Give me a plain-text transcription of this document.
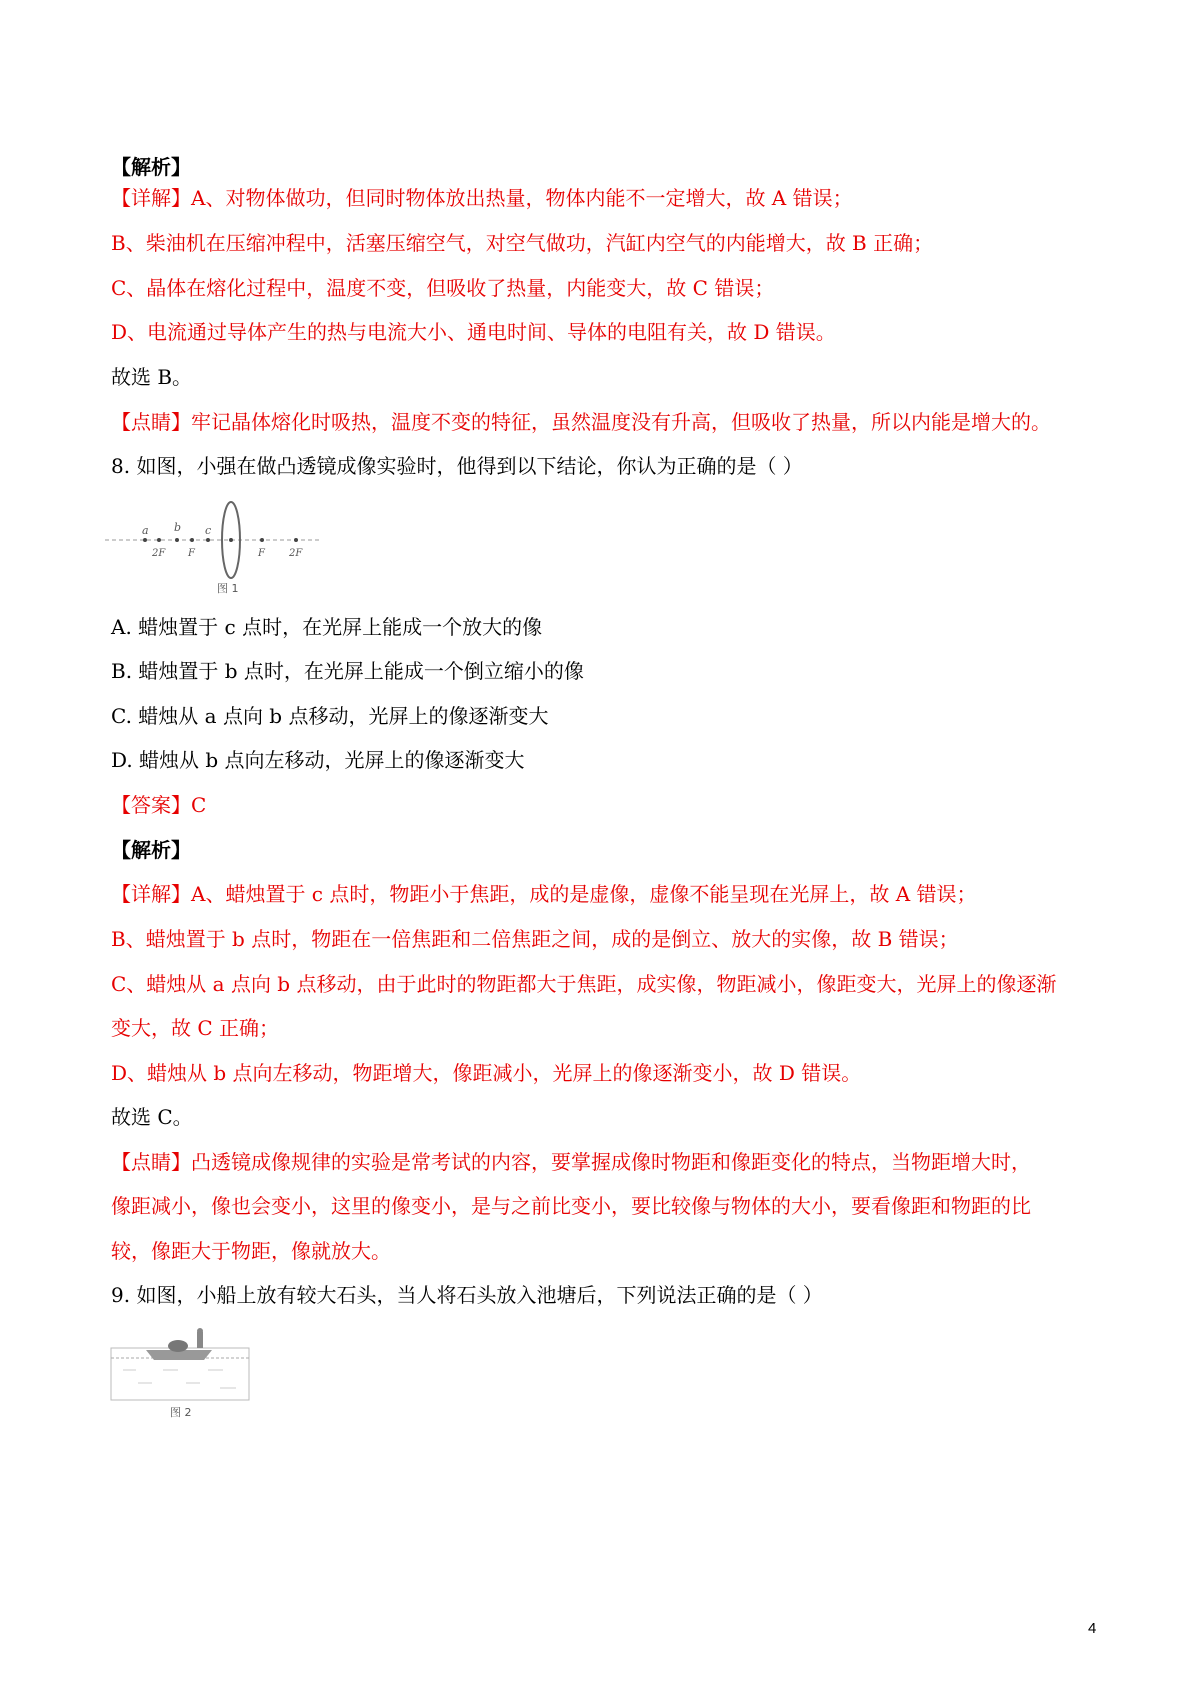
【解析】
【详解】A、对物体做功，但同时物体放出热量，物体内能不一定增大，故 A 错误；
B、柴油机在压缩冲程中，活塞压缩空气，对空气做功，汽缸内空气的内能增大，故 B 正确；
C、晶体在熔化过程中，温度不变，但吸收了热量，内能变大，故 C 错误；
D、电流通过导体产生的热与电流大小、通电时间、导体的电阻有关，故 D 错误。
故选 B。
【点睛】牢记晶体熔化时吸热，温度不变的特征，虽然温度没有升高，但吸收了热量，所以内能是增大的。
8. 如图，小强在做凸透镜成像实验时，他得到以下结论，你认为正确的是（ ）
a b c
2F F	F 2F
图 1
A. 蜡烛置于 c 点时，在光屏上能成一个放大的像
B. 蜡烛置于 b 点时，在光屏上能成一个倒立缩小的像
C. 蜡烛从 a 点向 b 点移动，光屏上的像逐渐变大
D. 蜡烛从 b 点向左移动，光屏上的像逐渐变大
【答案】C
【解析】
【详解】A、蜡烛置于 c 点时，物距小于焦距，成的是虚像，虚像不能呈现在光屏上，故 A 错误；
B、蜡烛置于 b 点时，物距在一倍焦距和二倍焦距之间，成的是倒立、放大的实像，故 B 错误；
C、蜡烛从 a 点向 b 点移动，由于此时的物距都大于焦距，成实像，物距减小，像距变大，光屏上的像逐渐
变大，故 C 正确；
D、蜡烛从 b 点向左移动，物距增大，像距减小，光屏上的像逐渐变小，故 D 错误。
故选 C。
【点睛】凸透镜成像规律的实验是常考试的内容，要掌握成像时物距和像距变化的特点，当物距增大时，
像距减小，像也会变小，这里的像变小，是与之前比变小，要比较像与物体的大小，要看像距和物距的比
较，像距大于物距，像就放大。
9. 如图，小船上放有较大石头，当人将石头放入池塘后，下列说法正确的是（ ）
图 2
4
